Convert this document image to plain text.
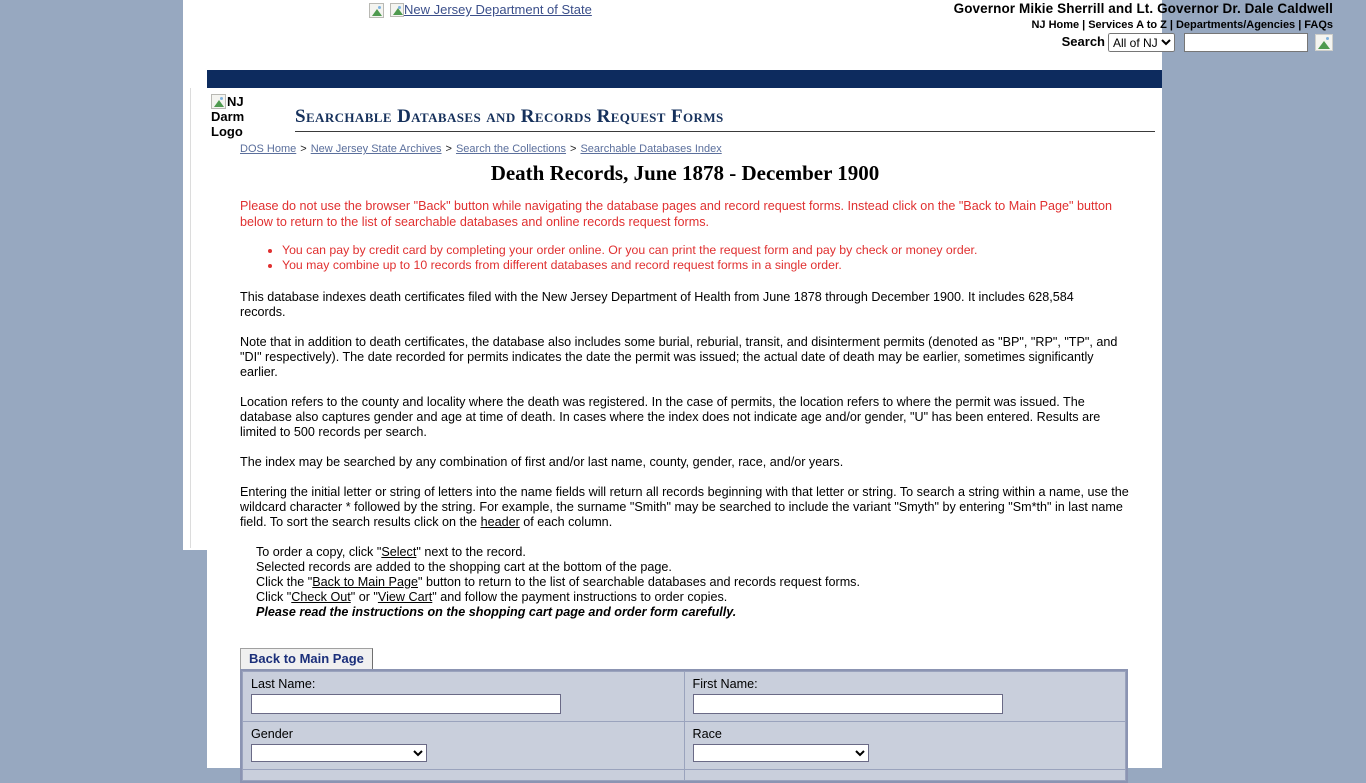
New Jersey Department of State	Governor Mikie Sherrill and Lt. Governor Dr. Dale Caldwell
NJ Home | Services A to Z | Departments/Agencies | FAQs
Search
All of NJ
NJ Darm Logo
Searchable Databases and Records Request Forms
DOS Home > New Jersey State Archives > Search the Collections > Searchable Databases Index
Death Records, June 1878 - December 1900
Please do not use the browser "Back" button while navigating the database pages and record request forms. Instead click on the "Back to Main Page" button below to return to the list of searchable databases and online records request forms.
• You can pay by credit card by completing your order online. Or you can print the request form and pay by check or money order.
• You may combine up to 10 records from different databases and record request forms in a single order.
This database indexes death certificates filed with the New Jersey Department of Health from June 1878 through December 1900. It includes 628,584 records.
Note that in addition to death certificates, the database also includes some burial, reburial, transit, and disinterment permits (denoted as "BP", "RP", "TP", and "DI" respectively). The date recorded for permits indicates the date the permit was issued; the actual date of death may be earlier, sometimes significantly earlier.
Location refers to the county and locality where the death was registered. In the case of permits, the location refers to where the permit was issued. The database also captures gender and age at time of death. In cases where the index does not indicate age and/or gender, "U" has been entered. Results are limited to 500 records per search.
The index may be searched by any combination of first and/or last name, county, gender, race, and/or years.
Entering the initial letter or string of letters into the name fields will return all records beginning with that letter or string. To search a string within a name, use the wildcard character * followed by the string. For example, the surname "Smith" may be searched to include the variant "Smyth" by entering "Sm*th" in last name field. To sort the search results click on the header of each column.
To order a copy, click "Select" next to the record.
Selected records are added to the shopping cart at the bottom of the page.
Click the "Back to Main Page" button to return to the list of searchable databases and records request forms.
Click "Check Out" or "View Cart" and follow the payment instructions to order copies.
Please read the instructions on the shopping cart page and order form carefully.
Back to Main Page
Last Name:	First Name:

Gender	Race
